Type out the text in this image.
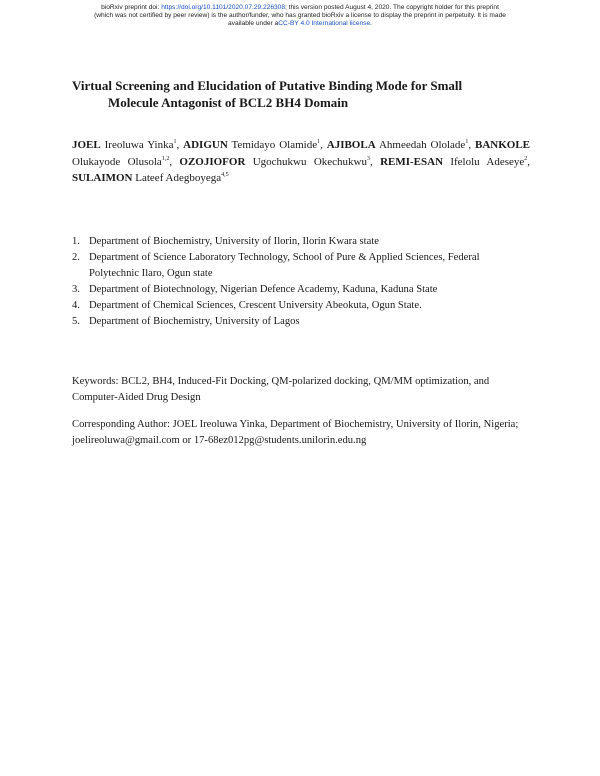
bioRxiv preprint doi: https://doi.org/10.1101/2020.07.29.226308; this version posted August 4, 2020. The copyright holder for this preprint
(which was not certified by peer review) is the author/funder, who has granted bioRxiv a license to display the preprint in perpetuity. It is made
available under aCC-BY 4.0 International license.
Virtual Screening and Elucidation of Putative Binding Mode for Small
Molecule Antagonist of BCL2 BH4 Domain
JOEL Ireoluwa Yinka$^1$, ADIGUN Temidayo Olamide$^1$, AJIBOLA Ahmeedah Ololade$^1$, BANKOLE Olukayode Olusola$^{1,2}$, OZOJIOFOR Ugochukwu Okechukwu$^3$, REMI-ESAN Ifelolu Adeseye$^2$, SULAIMON Lateef Adegboyega$^{4,5}$
1. Department of Biochemistry, University of Ilorin, Ilorin Kwara state
2. Department of Science Laboratory Technology, School of Pure & Applied Sciences, Federal Polytechnic Ilaro, Ogun state
3. Department of Biotechnology, Nigerian Defence Academy, Kaduna, Kaduna State
4. Department of Chemical Sciences, Crescent University Abeokuta, Ogun State.
5. Department of Biochemistry, University of Lagos
Keywords: BCL2, BH4, Induced-Fit Docking, QM-polarized docking, QM/MM optimization, and Computer-Aided Drug Design
Corresponding Author: JOEL Ireoluwa Yinka, Department of Biochemistry, University of Ilorin, Nigeria; joelireoluwa@gmail.com or 17-68ez012pg@students.unilorin.edu.ng
